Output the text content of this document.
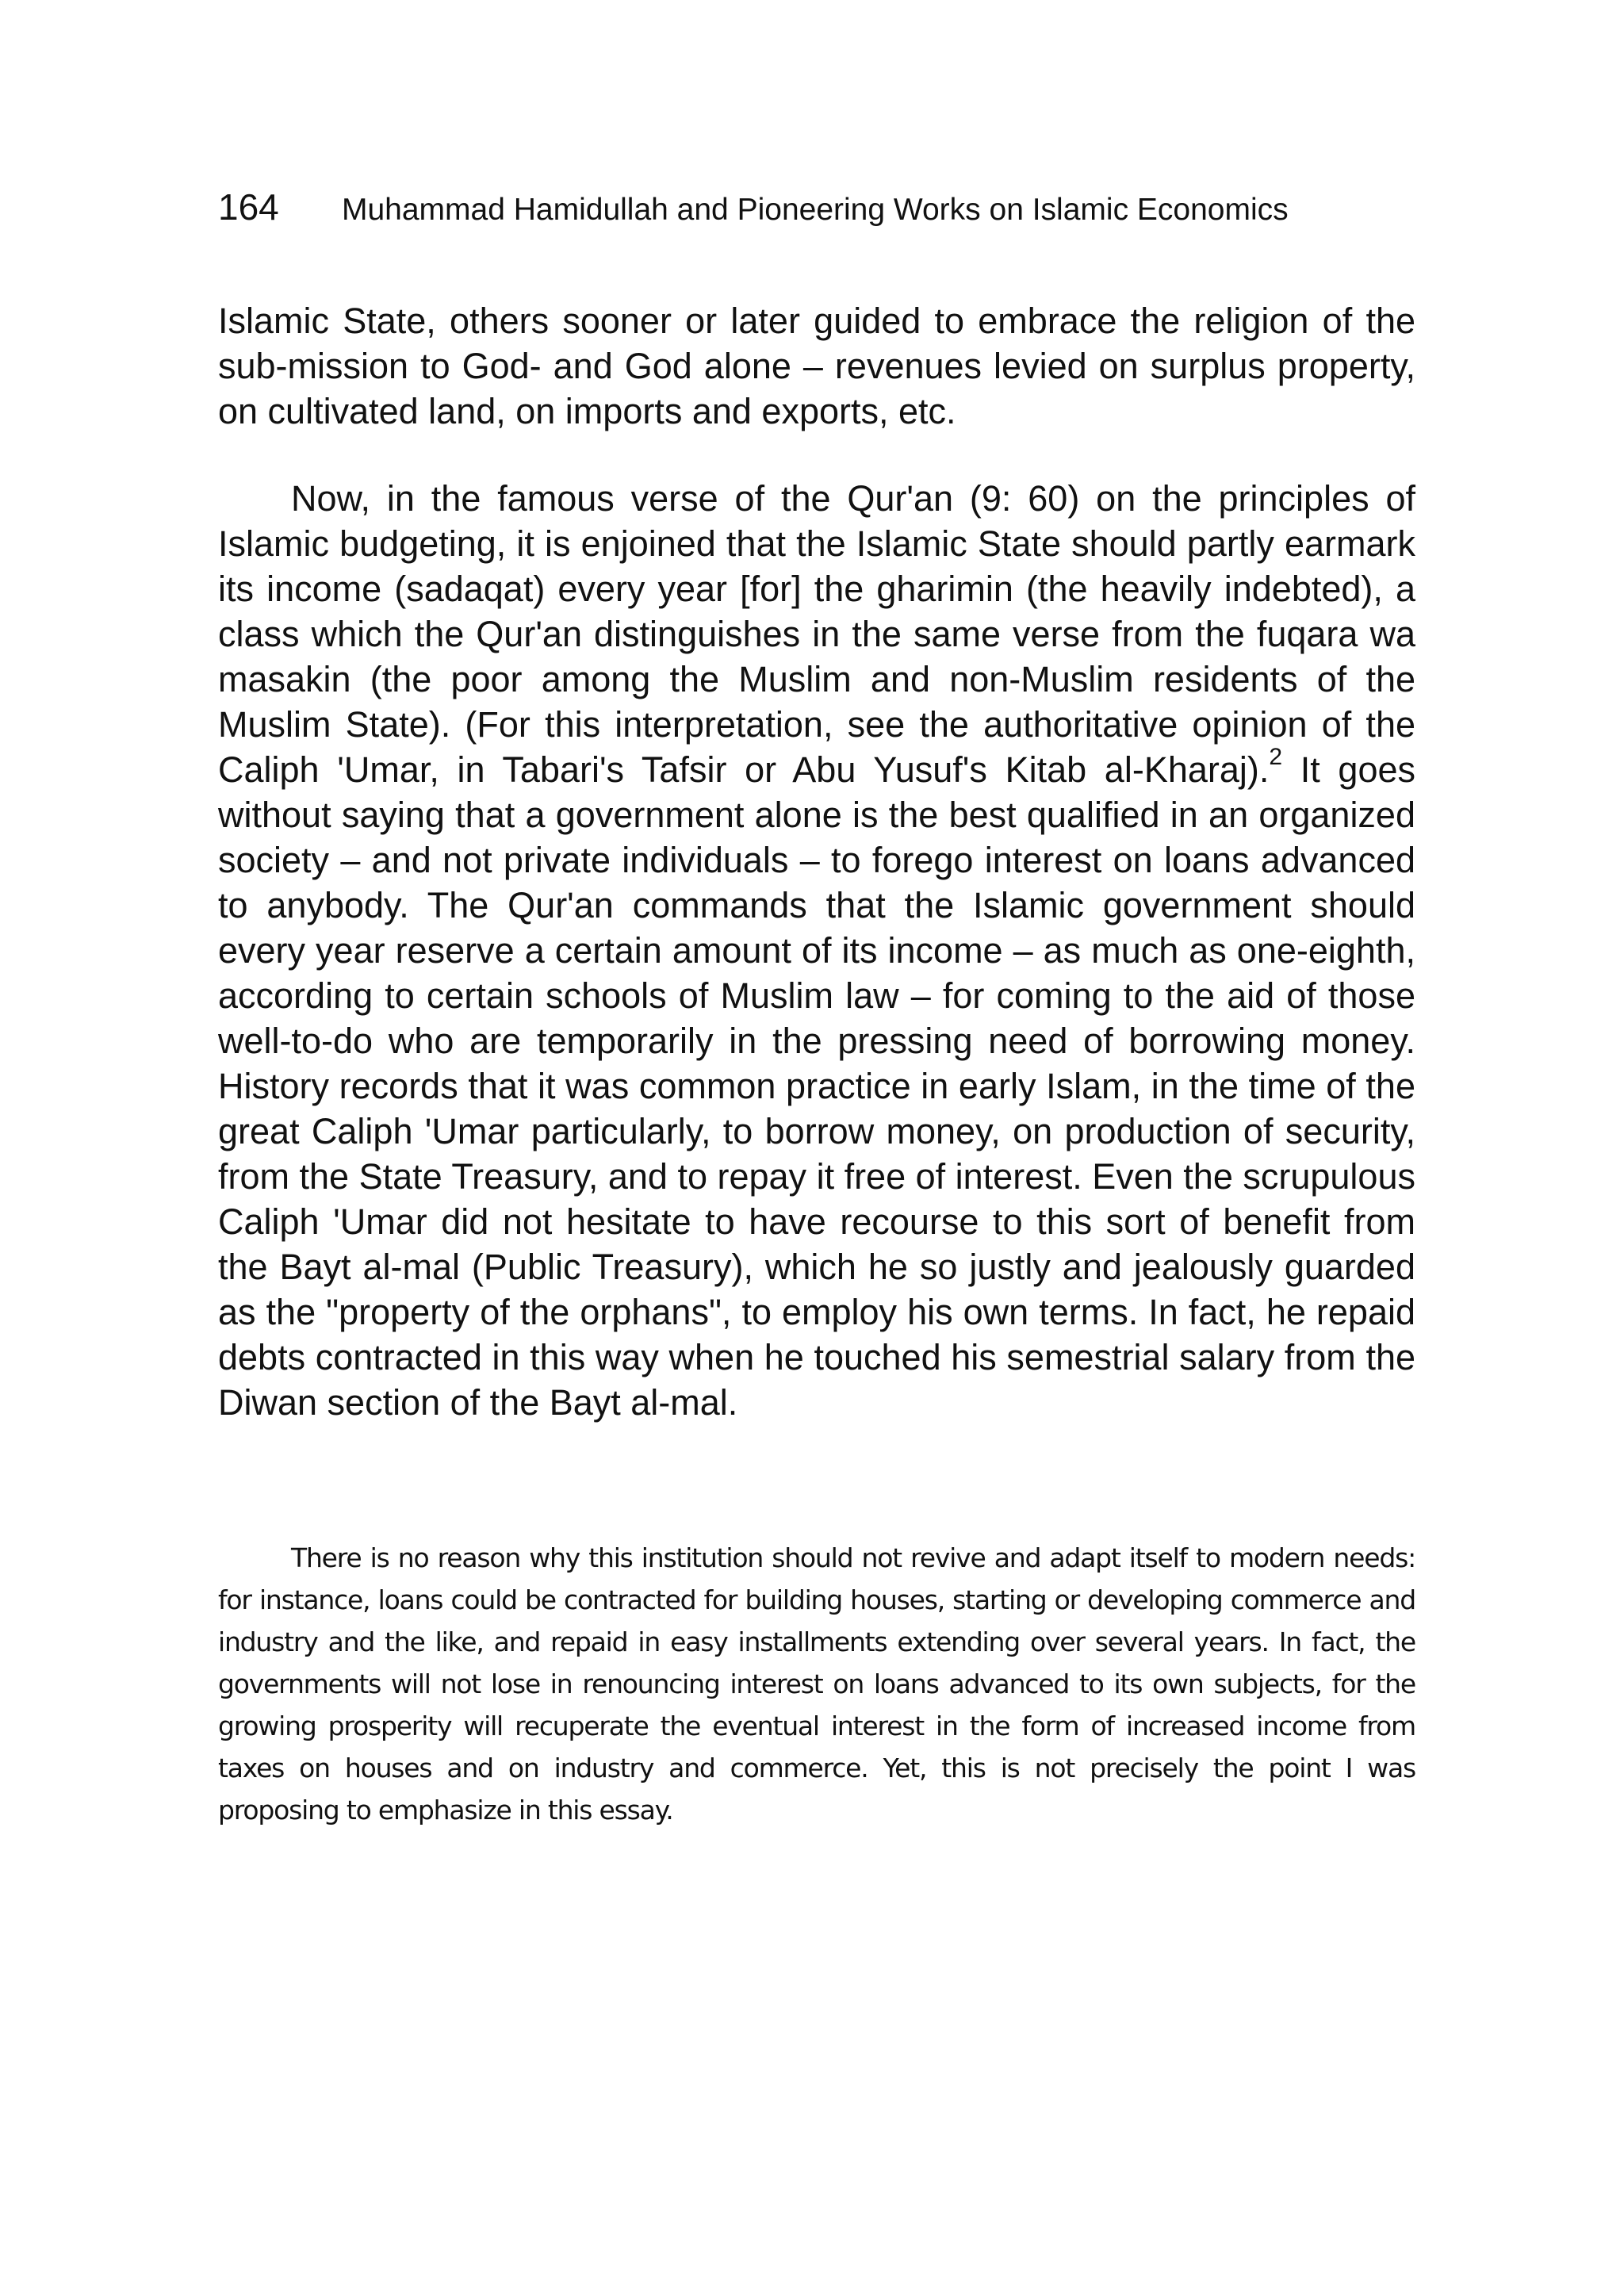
164 Muhammad Hamidullah and Pioneering Works on Islamic Economics

Islamic State, others sooner or later guided to embrace the religion of the sub-mission to God- and God alone – revenues levied on surplus property, on cultivated land, on imports and exports, etc.

Now, in the famous verse of the Qur'an (9: 60) on the principles of Islamic budgeting, it is enjoined that the Islamic State should partly earmark its income (sadaqat) every year [for] the gharimin (the heavily indebted), a class which the Qur'an distinguishes in the same verse from the fuqara wa masakin (the poor among the Muslim and non-Muslim residents of the Muslim State). (For this interpretation, see the authoritative opinion of the Caliph 'Umar, in Tabari's Tafsir or Abu Yusuf's Kitab al-Kharaj).$^2$ It goes without saying that a government alone is the best qualified in an organized society – and not private individuals – to forego interest on loans advanced to anybody. The Qur'an commands that the Islamic government should every year reserve a certain amount of its income – as much as one-eighth, according to certain schools of Muslim law – for coming to the aid of those well-to-do who are temporarily in the pressing need of borrowing money. History records that it was common practice in early Islam, in the time of the great Caliph 'Umar particularly, to borrow money, on production of security, from the State Treasury, and to repay it free of interest. Even the scrupulous Caliph 'Umar did not hesitate to have recourse to this sort of benefit from the Bayt al-mal (Public Treasury), which he so justly and jealously guarded as the "property of the orphans", to employ his own terms. In fact, he repaid debts contracted in this way when he touched his semestrial salary from the Diwan section of the Bayt al-mal.

There is no reason why this institution should not revive and adapt itself to modern needs: for instance, loans could be contracted for building houses, starting or developing commerce and industry and the like, and repaid in easy installments extending over several years. In fact, the governments will not lose in renouncing interest on loans advanced to its own subjects, for the growing prosperity will recuperate the eventual interest in the form of increased income from taxes on houses and on industry and commerce. Yet, this is not precisely the point I was proposing to emphasize in this essay.
